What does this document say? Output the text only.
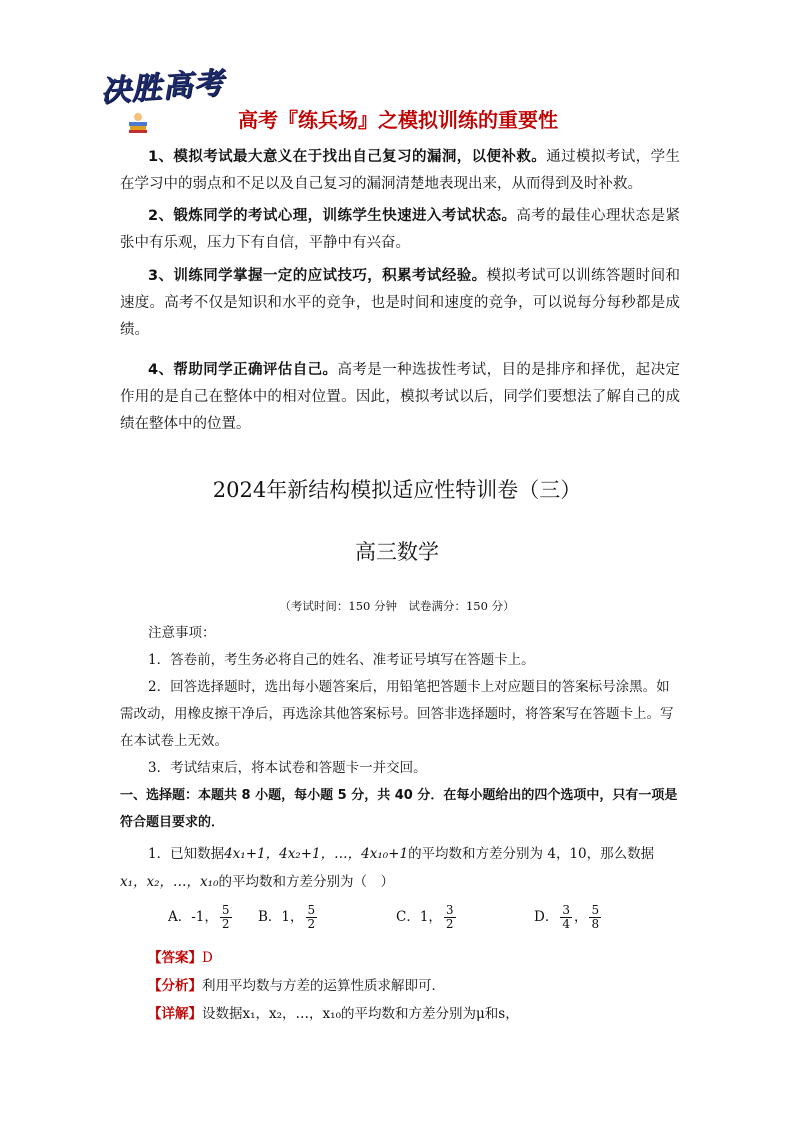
决胜高考
高考『练兵场』之模拟训练的重要性
1、模拟考试最大意义在于找出自己复习的漏洞，以便补救。通过模拟考试，学生在学习中的弱点和不足以及自己复习的漏洞清楚地表现出来，从而得到及时补救。
2、锻炼同学的考试心理，训练学生快速进入考试状态。高考的最佳心理状态是紧张中有乐观，压力下有自信，平静中有兴奋。
3、训练同学掌握一定的应试技巧，积累考试经验。模拟考试可以训练答题时间和速度。高考不仅是知识和水平的竞争，也是时间和速度的竞争，可以说每分每秒都是成绩。
4、帮助同学正确评估自己。高考是一种选拔性考试，目的是排序和择优，起决定作用的是自己在整体中的相对位置。因此，模拟考试以后，同学们要想法了解自己的成绩在整体中的位置。
2024年新结构模拟适应性特训卷（三）
高三数学
（考试时间：150 分钟　试卷满分：150 分）
注意事项：
1．答卷前，考生务必将自己的姓名、准考证号填写在答题卡上。
2．回答选择题时，选出每小题答案后，用铅笔把答题卡上对应题目的答案标号涂黑。如需改动，用橡皮擦干净后，再选涂其他答案标号。回答非选择题时，将答案写在答题卡上。写在本试卷上无效。
3．考试结束后，将本试卷和答题卡一并交回。
一、选择题：本题共 8 小题，每小题 5 分，共 40 分．在每小题给出的四个选项中，只有一项是符合题目要求的．
1．已知数据4x₁+1，4x₂+1，…，4x₁₀+1的平均数和方差分别为 4，10，那么数据x₁，x₂，…，x₁₀的平均数和方差分别为（　）
A．-1， $\frac{5}{2}$ B．1， $\frac{5}{2}$	C．1， $\frac{3}{2}$	D． $\frac{3}{4}$ ， $\frac{5}{8}$
【答案】D
【分析】利用平均数与方差的运算性质求解即可．
【详解】设数据x₁，x₂，…，x₁₀的平均数和方差分别为μ和s，
